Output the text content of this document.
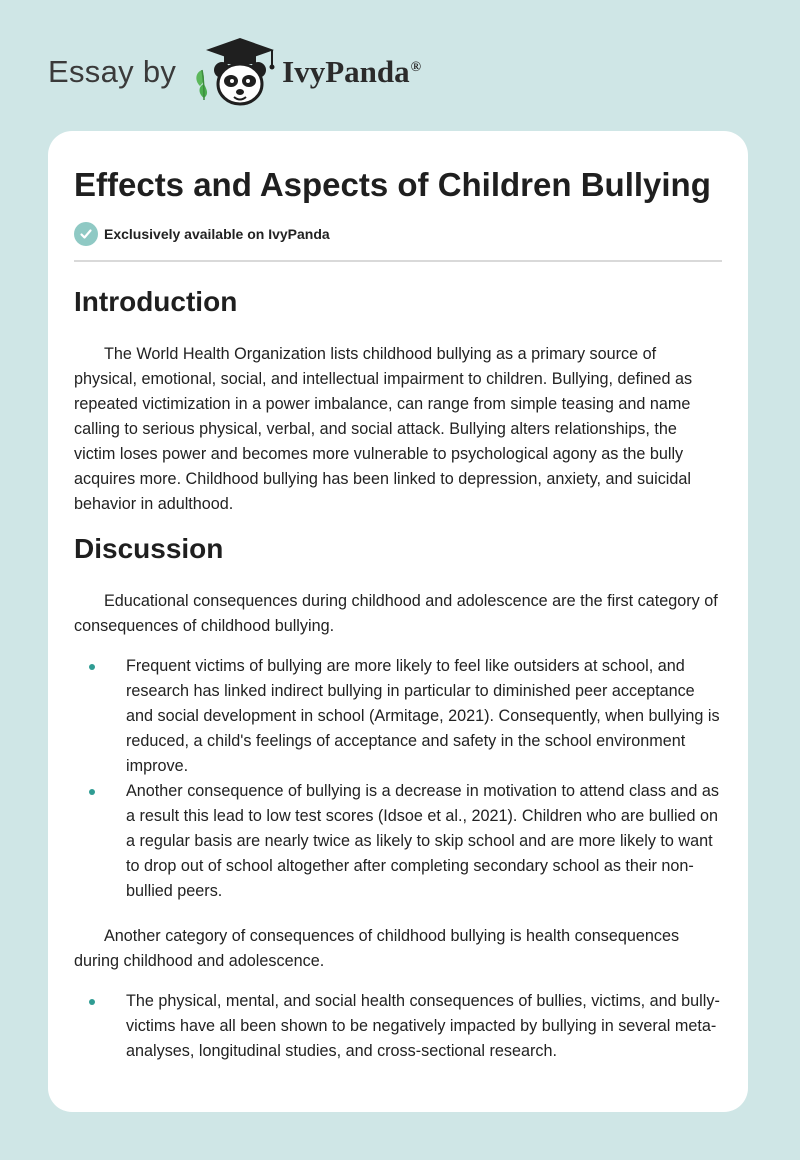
Essay by	IvyPanda®
Effects and Aspects of Children Bullying
Exclusively available on IvyPanda
Introduction

The World Health Organization lists childhood bullying as a primary source of physical, emotional, social, and intellectual impairment to children. Bullying, defined as repeated victimization in a power imbalance, can range from simple teasing and name calling to serious physical, verbal, and social attack. Bullying alters relationships, the victim loses power and becomes more vulnerable to psychological agony as the bully acquires more. Childhood bullying has been linked to depression, anxiety, and suicidal behavior in adulthood.

Discussion

Educational consequences during childhood and adolescence are the first category of consequences of childhood bullying.

Frequent victims of bullying are more likely to feel like outsiders at school, and research has linked indirect bullying in particular to diminished peer acceptance and social development in school (Armitage, 2021). Consequently, when bullying is reduced, a child's feelings of acceptance and safety in the school environment improve.
Another consequence of bullying is a decrease in motivation to attend class and as a result this lead to low test scores (Idsoe et al., 2021). Children who are bullied on a regular basis are nearly twice as likely to skip school and are more likely to want to drop out of school altogether after completing secondary school as their non-bullied peers.

Another category of consequences of childhood bullying is health consequences during childhood and adolescence.

The physical, mental, and social health consequences of bullies, victims, and bully-victims have all been shown to be negatively impacted by bullying in several meta-analyses, longitudinal studies, and cross-sectional research.
